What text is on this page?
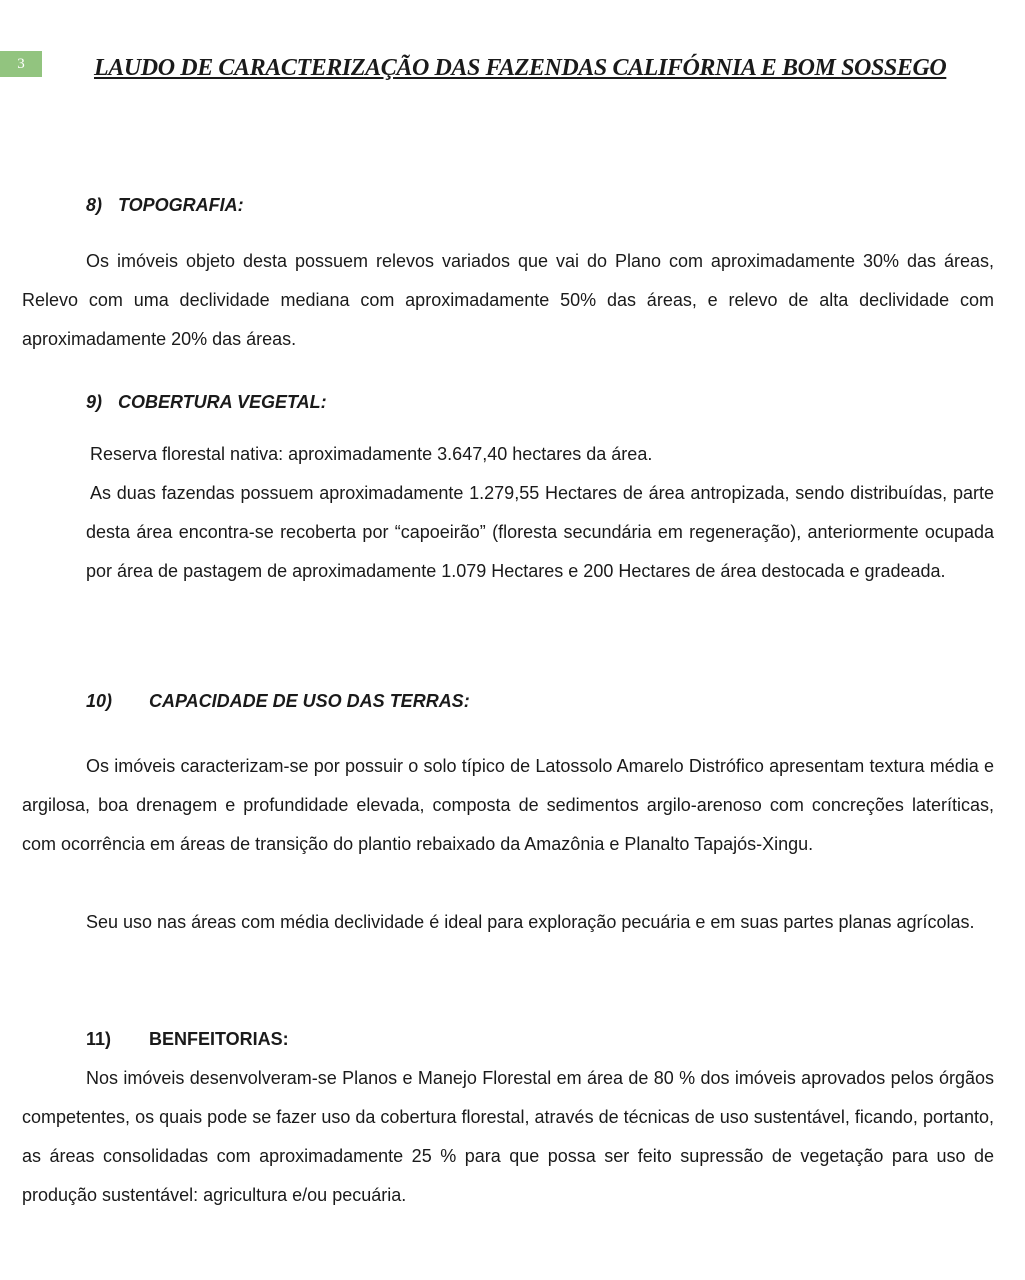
3	LAUDO DE CARACTERIZAÇÃO DAS FAZENDAS CALIFÓRNIA E BOM SOSSEGO
8) TOPOGRAFIA:

Os imóveis objeto desta possuem relevos variados que vai do Plano com aproximadamente 30% das áreas, Relevo com uma declividade mediana com aproximadamente 50% das áreas, e relevo de alta declividade com aproximadamente 20% das áreas.

9) COBERTURA VEGETAL:

Reserva florestal nativa: aproximadamente 3.647,40 hectares da área.

As duas fazendas possuem aproximadamente 1.279,55 Hectares de área antropizada, sendo distribuídas, parte desta área encontra-se recoberta por “capoeirão” (floresta secundária em regeneração), anteriormente ocupada por área de pastagem de aproximadamente 1.079 Hectares e 200 Hectares de área destocada e gradeada.

10) CAPACIDADE DE USO DAS TERRAS:

Os imóveis caracterizam-se por possuir o solo típico de Latossolo Amarelo Distrófico apresentam textura média e argilosa, boa drenagem e profundidade elevada, composta de sedimentos argilo-arenoso com concreções lateríticas, com ocorrência em áreas de transição do plantio rebaixado da Amazônia e Planalto Tapajós-Xingu.

Seu uso nas áreas com média declividade é ideal para exploração pecuária e em suas partes planas agrícolas.

11) BENFEITORIAS:

Nos imóveis desenvolveram-se Planos e Manejo Florestal em área de 80 % dos imóveis aprovados pelos órgãos competentes, os quais pode se fazer uso da cobertura florestal, através de técnicas de uso sustentável, ficando, portanto, as áreas consolidadas com aproximadamente 25 % para que possa ser feito supressão de vegetação para uso de produção sustentável: agricultura e/ou pecuária.
